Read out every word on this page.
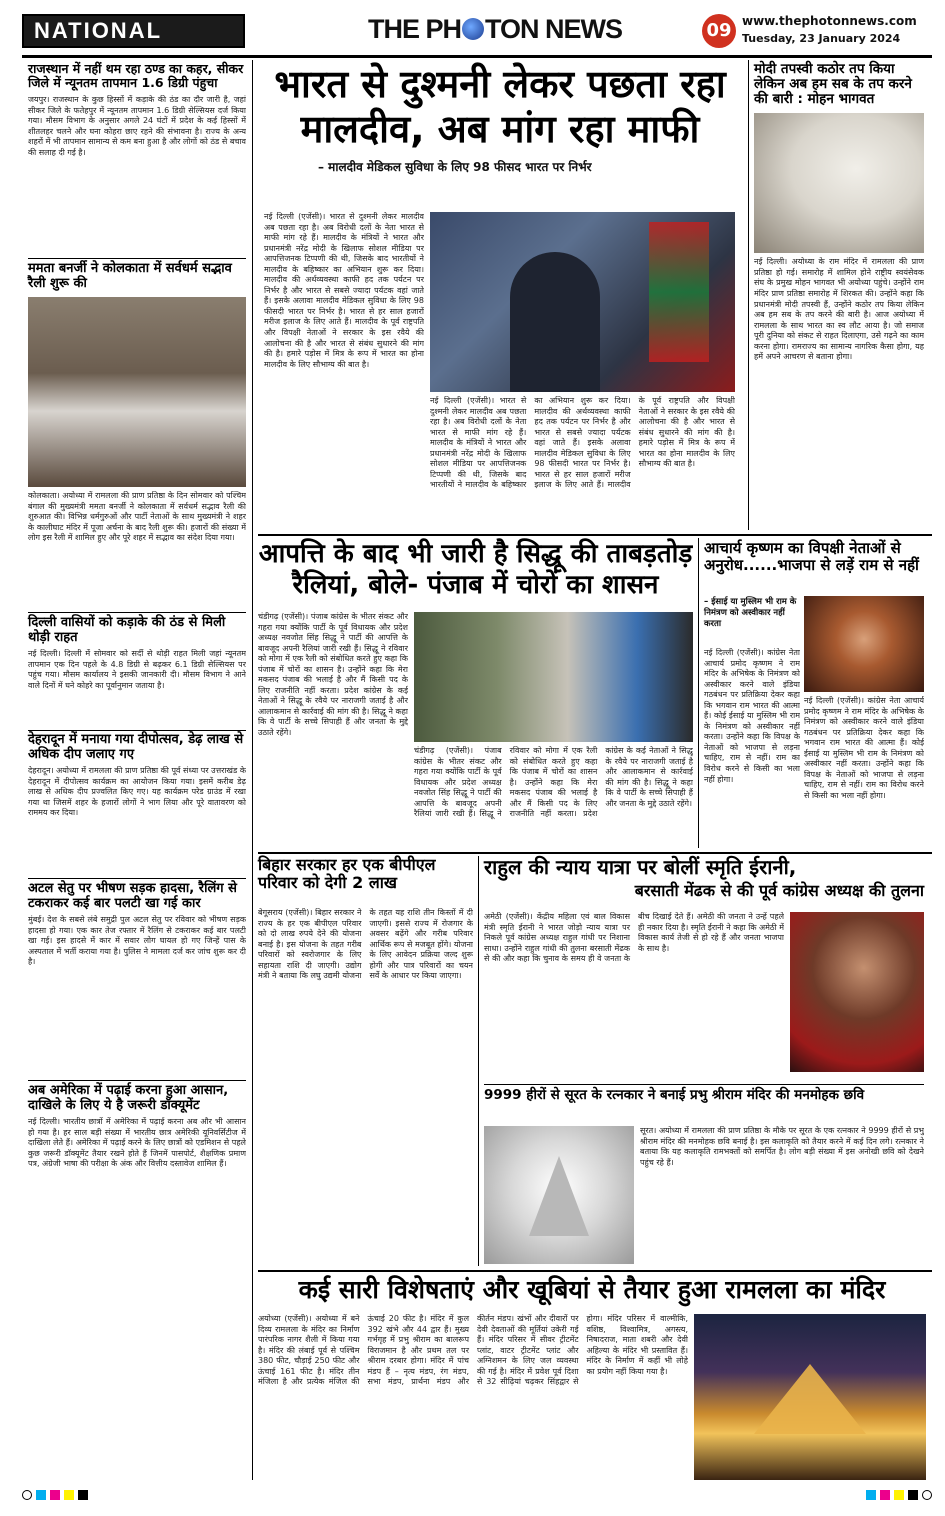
NATIONAL	THE PH TON NEWS	09 www.thephotonnews.com
Tuesday, 23 January 2024
राजस्थान में नहीं थम रहा ठण्ड का कहर, सीकर जिले में न्यूनतम तापमान 1.6 डिग्री पंहुचा
जयपुर। राजस्थान के कुछ हिस्सों में कड़ाके की ठंड का दौर जारी है, जहां सीकर जिले के फतेहपुर में न्यूनतम तापमान 1.6 डिग्री सेल्सियस दर्ज किया गया। मौसम विभाग के अनुसार अगले 24 घंटों में प्रदेश के कई हिस्सों में शीतलहर चलने और घना कोहरा छाए रहने की संभावना है। राज्य के अन्य शहरों में भी तापमान सामान्य से कम बना हुआ है और लोगों को ठंड से बचाव की सलाह दी गई है।
ममता बनर्जी ने कोलकाता में सर्वधर्म सद्भाव रैली शुरू की
कोलकाता। अयोध्या में रामलला की प्राण प्रतिष्ठा के दिन सोमवार को पश्चिम बंगाल की मुख्यमंत्री ममता बनर्जी ने कोलकाता में सर्वधर्म सद्भाव रैली की शुरुआत की। विभिन्न धर्मगुरुओं और पार्टी नेताओं के साथ मुख्यमंत्री ने शहर के कालीघाट मंदिर में पूजा अर्चना के बाद रैली शुरू की। हजारों की संख्या में लोग इस रैली में शामिल हुए और पूरे शहर में सद्भाव का संदेश दिया गया।
दिल्ली वासियों को कड़ाके की ठंड से मिली थोड़ी राहत
नई दिल्ली। दिल्ली में सोमवार को सर्दी से थोड़ी राहत मिली जहां न्यूनतम तापमान एक दिन पहले के 4.8 डिग्री से बढ़कर 6.1 डिग्री सेल्सियस पर पहुंच गया। मौसम कार्यालय ने इसकी जानकारी दी। मौसम विभाग ने आने वाले दिनों में घने कोहरे का पूर्वानुमान जताया है।
देहरादून में मनाया गया दीपोत्सव, डेढ़ लाख से अधिक दीप जलाए गए
देहरादून। अयोध्या में रामलला की प्राण प्रतिष्ठा की पूर्व संध्या पर उत्तराखंड के देहरादून में दीपोत्सव कार्यक्रम का आयोजन किया गया। इसमें करीब डेढ़ लाख से अधिक दीप प्रज्वलित किए गए। यह कार्यक्रम परेड ग्राउंड में रखा गया था जिसमें शहर के हजारों लोगों ने भाग लिया और पूरे वातावरण को राममय कर दिया।
अटल सेतु पर भीषण सड़क हादसा, रैलिंग से टकराकर कई बार पलटी खा गई कार
मुंबई। देश के सबसे लंबे समुद्री पुल अटल सेतु पर रविवार को भीषण सड़क हादसा हो गया। एक कार तेज रफ्तार में रैलिंग से टकराकर कई बार पलटी खा गई। इस हादसे में कार में सवार लोग घायल हो गए जिन्हें पास के अस्पताल में भर्ती कराया गया है। पुलिस ने मामला दर्ज कर जांच शुरू कर दी है।
अब अमेरिका में पढ़ाई करना हुआ आसान, दाखिले के लिए ये है जरूरी डॉक्यूमेंट
नई दिल्ली। भारतीय छात्रों में अमेरिका में पढ़ाई करना अब और भी आसान हो गया है। हर साल बड़ी संख्या में भारतीय छात्र अमेरिकी यूनिवर्सिटीज में दाखिला लेते हैं। अमेरिका में पढ़ाई करने के लिए छात्रों को एडमिशन से पहले कुछ जरूरी डॉक्यूमेंट तैयार रखने होते हैं जिनमें पासपोर्ट, शैक्षणिक प्रमाण पत्र, अंग्रेजी भाषा की परीक्षा के अंक और वित्तीय दस्तावेज शामिल हैं।
भारत से दुश्मनी लेकर पछता रहा
मालदीव, अब मांग रहा माफी
– मालदीव मेडिकल सुविधा के लिए 98 फीसद भारत पर निर्भर
नई दिल्ली (एजेंसी)। भारत से दुश्मनी लेकर मालदीव अब पछता रहा है। अब विरोधी दलों के नेता भारत से माफी मांग रहे हैं। मालदीव के मंत्रियों ने भारत और प्रधानमंत्री नरेंद्र मोदी के खिलाफ सोशल मीडिया पर आपत्तिजनक टिप्पणी की थी, जिसके बाद भारतीयों ने मालदीव के बहिष्कार का अभियान शुरू कर दिया। मालदीव की अर्थव्यवस्था काफी हद तक पर्यटन पर निर्भर है और भारत से सबसे ज्यादा पर्यटक वहां जाते हैं। इसके अलावा मालदीव मेडिकल सुविधा के लिए 98 फीसदी भारत पर निर्भर है। भारत से हर साल हजारों मरीज इलाज के लिए आते हैं। मालदीव के पूर्व राष्ट्रपति और विपक्षी नेताओं ने सरकार के इस रवैये की आलोचना की है और भारत से संबंध सुधारने की मांग की है। हमारे पड़ोस में मित्र के रूप में भारत का होना मालदीव के लिए सौभाग्य की बात है।
नई दिल्ली (एजेंसी)। भारत से दुश्मनी लेकर मालदीव अब पछता रहा है। अब विरोधी दलों के नेता भारत से माफी मांग रहे हैं। मालदीव के मंत्रियों ने भारत और प्रधानमंत्री नरेंद्र मोदी के खिलाफ सोशल मीडिया पर आपत्तिजनक टिप्पणी की थी, जिसके बाद भारतीयों ने मालदीव के बहिष्कार का अभियान शुरू कर दिया। मालदीव की अर्थव्यवस्था काफी हद तक पर्यटन पर निर्भर है और भारत से सबसे ज्यादा पर्यटक वहां जाते हैं। इसके अलावा मालदीव मेडिकल सुविधा के लिए 98 फीसदी भारत पर निर्भर है। भारत से हर साल हजारों मरीज इलाज के लिए आते हैं। मालदीव के पूर्व राष्ट्रपति और विपक्षी नेताओं ने सरकार के इस रवैये की आलोचना की है और भारत से संबंध सुधारने की मांग की है। हमारे पड़ोस में मित्र के रूप में भारत का होना मालदीव के लिए सौभाग्य की बात है।
मोदी तपस्वी कठोर तप किया लेकिन अब हम सब के तप करने की बारी : मोहन भागवत
नई दिल्ली। अयोध्या के राम मंदिर में रामलला की प्राण प्रतिष्ठा हो गई। समारोह में शामिल होने राष्ट्रीय स्वयंसेवक संघ के प्रमुख मोहन भागवत भी अयोध्या पहुंचे। उन्होंने राम मंदिर प्राण प्रतिष्ठा समारोह में शिरकत की। उन्होंने कहा कि प्रधानमंत्री मोदी तपस्वी हैं, उन्होंने कठोर तप किया लेकिन अब हम सब के तप करने की बारी है। आज अयोध्या में रामलला के साथ भारत का स्व लौट आया है। जो समाज पूरी दुनिया को संकट से राहत दिलाएगा, उसे गढ़ने का काम करना होगा। रामराज्य का सामान्य नागरिक कैसा होगा, यह हमें अपने आचरण से बताना होगा।
आपत्ति के बाद भी जारी है सिद्धू की ताबड़तोड़
रैलियां, बोले- पंजाब में चोरों का शासन
चंडीगढ़ (एजेंसी)। पंजाब कांग्रेस के भीतर संकट और गहरा गया क्योंकि पार्टी के पूर्व विधायक और प्रदेश अध्यक्ष नवजोत सिंह सिद्धू ने पार्टी की आपत्ति के बावजूद अपनी रैलियां जारी रखी हैं। सिद्धू ने रविवार को मोगा में एक रैली को संबोधित करते हुए कहा कि पंजाब में चोरों का शासन है। उन्होंने कहा कि मेरा मकसद पंजाब की भलाई है और मैं किसी पद के लिए राजनीति नहीं करता। प्रदेश कांग्रेस के कई नेताओं ने सिद्धू के रवैये पर नाराजगी जताई है और आलाकमान से कार्रवाई की मांग की है। सिद्धू ने कहा कि वे पार्टी के सच्चे सिपाही हैं और जनता के मुद्दे उठाते रहेंगे।
चंडीगढ़ (एजेंसी)। पंजाब कांग्रेस के भीतर संकट और गहरा गया क्योंकि पार्टी के पूर्व विधायक और प्रदेश अध्यक्ष नवजोत सिंह सिद्धू ने पार्टी की आपत्ति के बावजूद अपनी रैलियां जारी रखी हैं। सिद्धू ने रविवार को मोगा में एक रैली को संबोधित करते हुए कहा कि पंजाब में चोरों का शासन है। उन्होंने कहा कि मेरा मकसद पंजाब की भलाई है और मैं किसी पद के लिए राजनीति नहीं करता। प्रदेश कांग्रेस के कई नेताओं ने सिद्धू के रवैये पर नाराजगी जताई है और आलाकमान से कार्रवाई की मांग की है। सिद्धू ने कहा कि वे पार्टी के सच्चे सिपाही हैं और जनता के मुद्दे उठाते रहेंगे।
आचार्य कृष्णम का विपक्षी नेताओं से अनुरोध......भाजपा से लड़ें राम से नहीं
– ईसाई या मुस्लिम भी राम के निमंत्रण को अस्वीकार नहीं करता
नई दिल्ली (एजेंसी)। कांग्रेस नेता आचार्य प्रमोद कृष्णम ने राम मंदिर के अभिषेक के निमंत्रण को अस्वीकार करने वाले इंडिया गठबंधन पर प्रतिक्रिया देकर कहा कि भगवान राम भारत की आत्मा हैं। कोई ईसाई या मुस्लिम भी राम के निमंत्रण को अस्वीकार नहीं करता। उन्होंने कहा कि विपक्ष के नेताओं को भाजपा से लड़ना चाहिए, राम से नहीं। राम का विरोध करने से किसी का भला नहीं होगा।
नई दिल्ली (एजेंसी)। कांग्रेस नेता आचार्य प्रमोद कृष्णम ने राम मंदिर के अभिषेक के निमंत्रण को अस्वीकार करने वाले इंडिया गठबंधन पर प्रतिक्रिया देकर कहा कि भगवान राम भारत की आत्मा हैं। कोई ईसाई या मुस्लिम भी राम के निमंत्रण को अस्वीकार नहीं करता। उन्होंने कहा कि विपक्ष के नेताओं को भाजपा से लड़ना चाहिए, राम से नहीं। राम का विरोध करने से किसी का भला नहीं होगा।
बिहार सरकार हर एक बीपीएल परिवार को देगी 2 लाख
बेगूसराय (एजेंसी)। बिहार सरकार ने राज्य के हर एक बीपीएल परिवार को दो लाख रुपये देने की योजना बनाई है। इस योजना के तहत गरीब परिवारों को स्वरोजगार के लिए सहायता राशि दी जाएगी। उद्योग मंत्री ने बताया कि लघु उद्यमी योजना के तहत यह राशि तीन किस्तों में दी जाएगी। इससे राज्य में रोजगार के अवसर बढ़ेंगे और गरीब परिवार आर्थिक रूप से मजबूत होंगे। योजना के लिए आवेदन प्रक्रिया जल्द शुरू होगी और पात्र परिवारों का चयन सर्वे के आधार पर किया जाएगा।
राहुल की न्याय यात्रा पर बोलीं स्मृति ईरानी,
बरसाती मेंढक से की पूर्व कांग्रेस अध्यक्ष की तुलना
अमेठी (एजेंसी)। केंद्रीय महिला एवं बाल विकास मंत्री स्मृति ईरानी ने भारत जोड़ो न्याय यात्रा पर निकले पूर्व कांग्रेस अध्यक्ष राहुल गांधी पर निशाना साधा। उन्होंने राहुल गांधी की तुलना बरसाती मेंढक से की और कहा कि चुनाव के समय ही वे जनता के बीच दिखाई देते हैं। अमेठी की जनता ने उन्हें पहले ही नकार दिया है। स्मृति ईरानी ने कहा कि अमेठी में विकास कार्य तेजी से हो रहे हैं और जनता भाजपा के साथ है।
9999 हीरों से सूरत के रत्नकार ने बनाई प्रभु श्रीराम मंदिर की मनमोहक छवि
सूरत। अयोध्या में रामलला की प्राण प्रतिष्ठा के मौके पर सूरत के एक रत्नकार ने 9999 हीरों से प्रभु श्रीराम मंदिर की मनमोहक छवि बनाई है। इस कलाकृति को तैयार करने में कई दिन लगे। रत्नकार ने बताया कि यह कलाकृति रामभक्तों को समर्पित है। लोग बड़ी संख्या में इस अनोखी छवि को देखने पहुंच रहे हैं।
कई सारी विशेषताएं और खूबियां से तैयार हुआ रामलला का मंदिर
अयोध्या (एजेंसी)। अयोध्या में बने दिव्य रामलला के मंदिर का निर्माण पारंपरिक नागर शैली में किया गया है। मंदिर की लंबाई पूर्व से पश्चिम 380 फीट, चौड़ाई 250 फीट और ऊंचाई 161 फीट है। मंदिर तीन मंजिला है और प्रत्येक मंजिल की ऊंचाई 20 फीट है। मंदिर में कुल 392 खंभे और 44 द्वार हैं। मुख्य गर्भगृह में प्रभु श्रीराम का बालरूप विराजमान है और प्रथम तल पर श्रीराम दरबार होगा। मंदिर में पांच मंडप हैं – नृत्य मंडप, रंग मंडप, सभा मंडप, प्रार्थना मंडप और कीर्तन मंडप। खंभों और दीवारों पर देवी देवताओं की मूर्तियां उकेरी गई हैं। मंदिर परिसर में सीवर ट्रीटमेंट प्लांट, वाटर ट्रीटमेंट प्लांट और अग्निशमन के लिए जल व्यवस्था की गई है। मंदिर में प्रवेश पूर्व दिशा से 32 सीढ़ियां चढ़कर सिंहद्वार से होगा। मंदिर परिसर में वाल्मीकि, वशिष्ठ, विश्वामित्र, अगस्त्य, निषादराज, माता शबरी और देवी अहिल्या के मंदिर भी प्रस्तावित हैं। मंदिर के निर्माण में कहीं भी लोहे का प्रयोग नहीं किया गया है।
